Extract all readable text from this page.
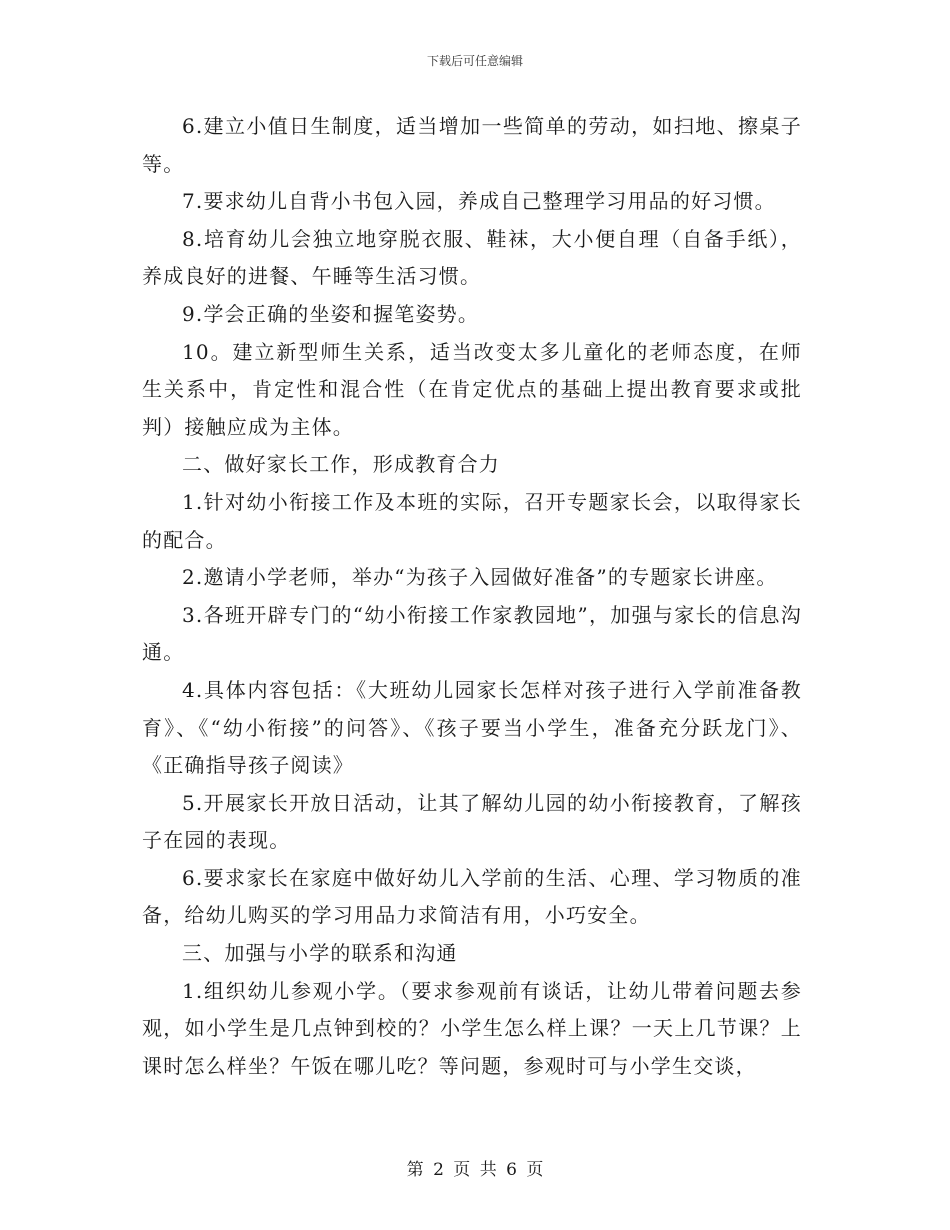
下载后可任意编辑

6.建立小值日生制度，适当增加一些简单的劳动，如扫地、擦桌子等。

7.要求幼儿自背小书包入园，养成自己整理学习用品的好习惯。

8.培育幼儿会独立地穿脱衣服、鞋袜，大小便自理（自备手纸），养成良好的进餐、午睡等生活习惯。

9.学会正确的坐姿和握笔姿势。

10。建立新型师生关系，适当改变太多儿童化的老师态度，在师生关系中，肯定性和混合性（在肯定优点的基础上提出教育要求或批判）接触应成为主体。

二、做好家长工作，形成教育合力

1.针对幼小衔接工作及本班的实际，召开专题家长会，以取得家长的配合。

2.邀请小学老师，举办“为孩子入园做好准备”的专题家长讲座。

3.各班开辟专门的“幼小衔接工作家教园地”，加强与家长的信息沟通。

4.具体内容包括：《大班幼儿园家长怎样对孩子进行入学前准备教育》、《“幼小衔接”的问答》、《孩子要当小学生，准备充分跃龙门》、《正确指导孩子阅读》

5.开展家长开放日活动，让其了解幼儿园的幼小衔接教育，了解孩子在园的表现。

6.要求家长在家庭中做好幼儿入学前的生活、心理、学习物质的准备，给幼儿购买的学习用品力求简洁有用，小巧安全。

三、加强与小学的联系和沟通

1.组织幼儿参观小学。（要求参观前有谈话，让幼儿带着问题去参观，如小学生是几点钟到校的？小学生怎么样上课？一天上几节课？上课时怎么样坐？午饭在哪儿吃？等问题，参观时可与小学生交谈，

第 2 页 共 6 页
